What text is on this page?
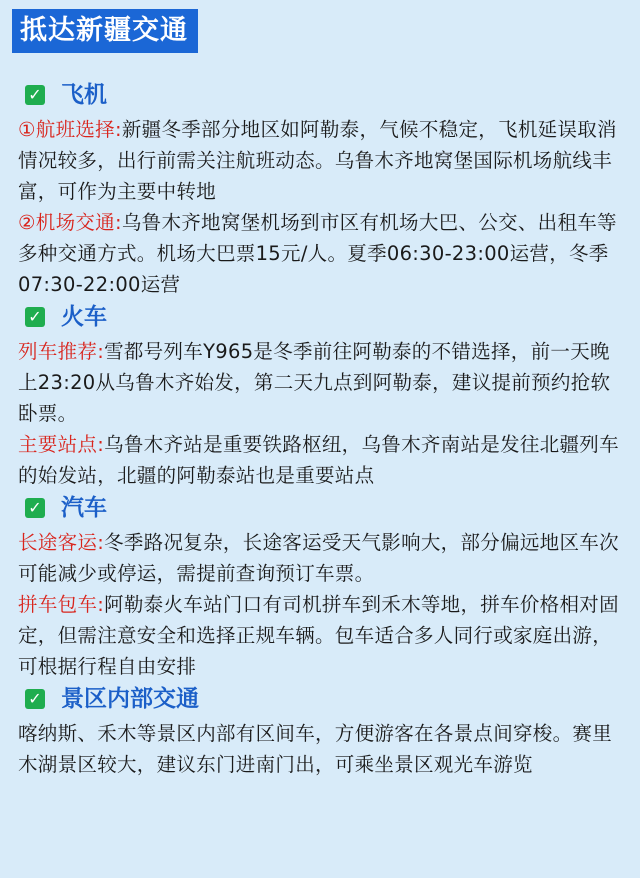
抵达新疆交通
✓ 飞机

①航班选择:新疆冬季部分地区如阿勒泰，气候不稳定，飞机延误取消情况较多，出行前需关注航班动态。乌鲁木齐地窝堡国际机场航线丰富，可作为主要中转地

②机场交通:乌鲁木齐地窝堡机场到市区有机场大巴、公交、出租车等多种交通方式。机场大巴票15元/人。夏季06:30-23:00运营，冬季07:30-22:00运营

✓ 火车

列车推荐:雪都号列车Y965是冬季前往阿勒泰的不错选择，前一天晚上23:20从乌鲁木齐始发，第二天九点到阿勒泰，建议提前预约抢软卧票。

主要站点:乌鲁木齐站是重要铁路枢纽，乌鲁木齐南站是发往北疆列车的始发站，北疆的阿勒泰站也是重要站点

✓ 汽车

长途客运:冬季路况复杂，长途客运受天气影响大，部分偏远地区车次可能减少或停运，需提前查询预订车票。

拼车包车:阿勒泰火车站门口有司机拼车到禾木等地，拼车价格相对固定，但需注意安全和选择正规车辆。包车适合多人同行或家庭出游，可根据行程自由安排

✓ 景区内部交通

喀纳斯、禾木等景区内部有区间车，方便游客在各景点间穿梭。赛里木湖景区较大，建议东门进南门出，可乘坐景区观光车游览
